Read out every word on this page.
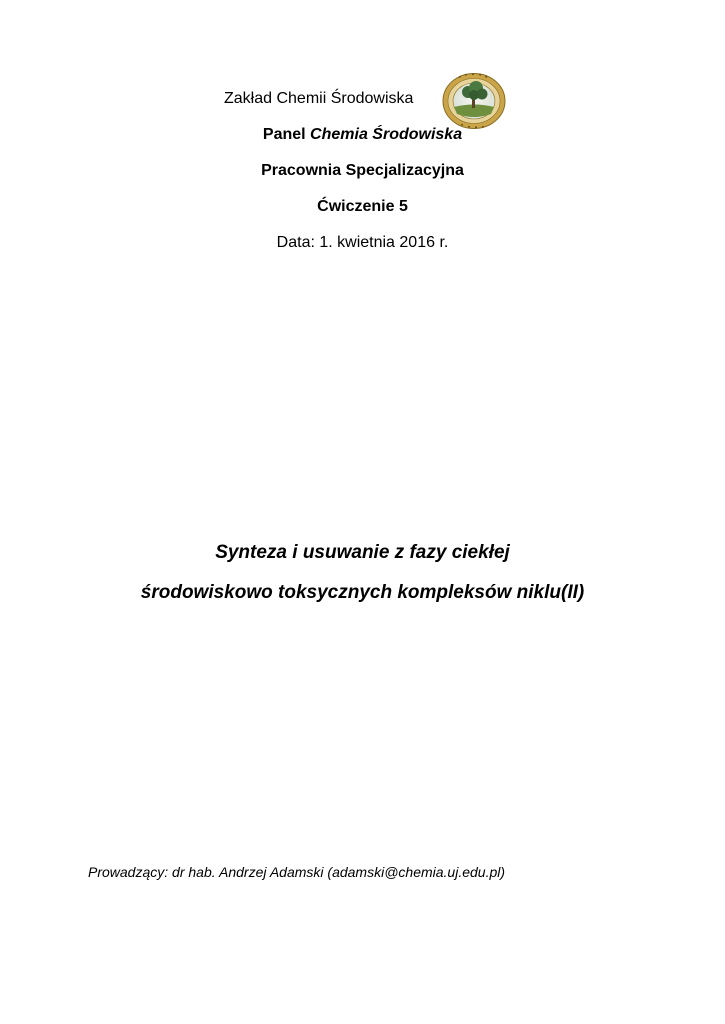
Zakład Chemii Środowiska
Panel Chemia Środowiska
Pracownia Specjalizacyjna
Ćwiczenie 5
Data: 1. kwietnia 2016 r.
Synteza i usuwanie z fazy ciekłej
środowiskowo toksycznych kompleksów niklu(II)
Prowadzący: dr hab. Andrzej Adamski (adamski@chemia.uj.edu.pl)
